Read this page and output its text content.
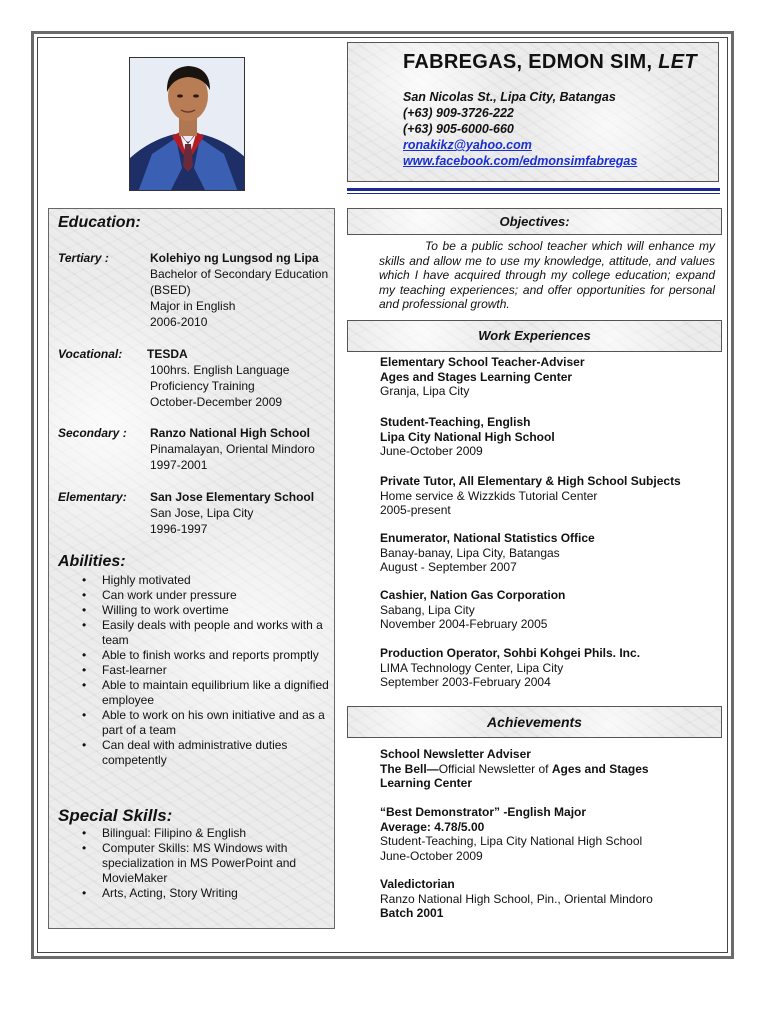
FABREGAS, EDMON SIM, LET
San Nicolas St., Lipa City, Batangas
(+63) 909-3726-222
(+63) 905-6000-660
ronakikz@yahoo.com
www.facebook.com/edmonsimfabregas
Education:
Tertiary :	Kolehiyo ng Lungsod ng Lipa
Bachelor of Secondary Education
(BSED)
Major in English
2006-2010
Vocational: TESDA
100hrs. English Language
Proficiency Training
October-December 2009
Secondary : Ranzo National High School
Pinamalayan, Oriental Mindoro
1997-2001
Elementary: San Jose Elementary School
San Jose, Lipa City
1996-1997
Abilities:
• Highly motivated
• Can work under pressure
• Willing to work overtime
• Easily deals with people and works with a team
• Able to finish works and reports promptly
• Fast-learner
• Able to maintain equilibrium like a dignified employee
• Able to work on his own initiative and as a part of a team
• Can deal with administrative duties competently
Special Skills:
• Bilingual: Filipino & English
• Computer Skills: MS Windows with specialization in MS PowerPoint and MovieMaker
• Arts, Acting, Story Writing
Objectives:
To be a public school teacher which will enhance my skills and allow me to use my knowledge, attitude, and values which I have acquired through my college education; expand my teaching experiences; and offer opportunities for personal and professional growth.
Work Experiences
Elementary School Teacher-Adviser
Ages and Stages Learning Center
Granja, Lipa City
Student-Teaching, English
Lipa City National High School
June-October 2009
Private Tutor, All Elementary & High School Subjects
Home service & Wizzkids Tutorial Center
2005-present
Enumerator, National Statistics Office
Banay-banay, Lipa City, Batangas
August - September 2007
Cashier, Nation Gas Corporation
Sabang, Lipa City
November 2004-February 2005
Production Operator, Sohbi Kohgei Phils. Inc.
LIMA Technology Center, Lipa City
September 2003-February 2004
Achievements
School Newsletter Adviser
The Bell—Official Newsletter of Ages and Stages
Learning Center
“Best Demonstrator” -English Major
Average: 4.78/5.00
Student-Teaching, Lipa City National High School
June-October 2009
Valedictorian
Ranzo National High School, Pin., Oriental Mindoro
Batch 2001
